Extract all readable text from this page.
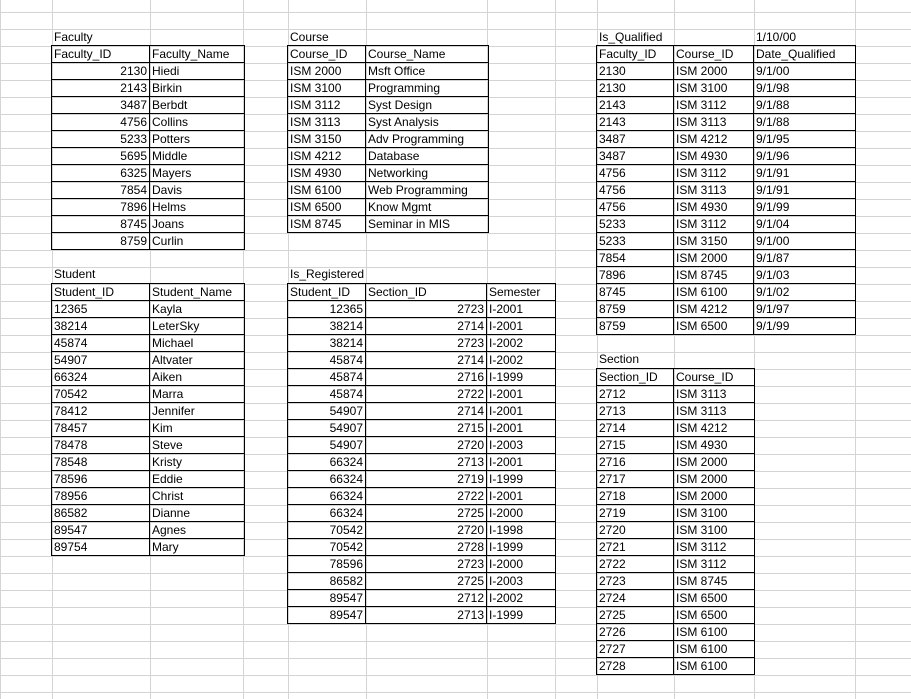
Faculty
Faculty_ID	Faculty_Name
2130	Hiedi
2143	Birkin
3487	Berbdt
4756	Collins
5233	Potters
5695	Middle
6325	Mayers
7854	Davis
7896	Helms
8745	Joans
8759	Curlin
Course
Course_ID	Course_Name
ISM 2000	Msft Office
ISM 3100	Programming
ISM 3112	Syst Design
ISM 3113	Syst Analysis
ISM 3150	Adv Programming
ISM 4212	Database
ISM 4930	Networking
ISM 6100	Web Programming
ISM 6500	Know Mgmt
ISM 8745	Seminar in MIS
Is_Qualified	1/10/00
Faculty_ID	Course_ID	Date_Qualified
2130	ISM 2000	9/1/00
2130	ISM 3100	9/1/98
2143	ISM 3112	9/1/88
2143	ISM 3113	9/1/88
3487	ISM 4212	9/1/95
3487	ISM 4930	9/1/96
4756	ISM 3112	9/1/91
4756	ISM 3113	9/1/91
4756	ISM 4930	9/1/99
5233	ISM 3112	9/1/04
5233	ISM 3150	9/1/00
7854	ISM 2000	9/1/87
7896	ISM 8745	9/1/03
8745	ISM 6100	9/1/02
8759	ISM 4212	9/1/97
8759	ISM 6500	9/1/99
Student
Student_ID	Student_Name
12365	Kayla
38214	LeterSky
45874	Michael
54907	Altvater
66324	Aiken
70542	Marra
78412	Jennifer
78457	Kim
78478	Steve
78548	Kristy
78596	Eddie
78956	Christ
86582	Dianne
89547	Agnes
89754	Mary
Is_Registered
Student_ID	Section_ID	Semester
12365	2723	I-2001
38214	2714	I-2001
38214	2723	I-2002
45874	2714	I-2002
45874	2716	I-1999
45874	2722	I-2001
54907	2714	I-2001
54907	2715	I-2001
54907	2720	I-2003
66324	2713	I-2001
66324	2719	I-1999
66324	2722	I-2001
66324	2725	I-2000
70542	2720	I-1998
70542	2728	I-1999
78596	2723	I-2000
86582	2725	I-2003
89547	2712	I-2002
89547	2713	I-1999
Section
Section_ID	Course_ID
2712	ISM 3113
2713	ISM 3113
2714	ISM 4212
2715	ISM 4930
2716	ISM 2000
2717	ISM 2000
2718	ISM 2000
2719	ISM 3100
2720	ISM 3100
2721	ISM 3112
2722	ISM 3112
2723	ISM 8745
2724	ISM 6500
2725	ISM 6500
2726	ISM 6100
2727	ISM 6100
2728	ISM 6100
